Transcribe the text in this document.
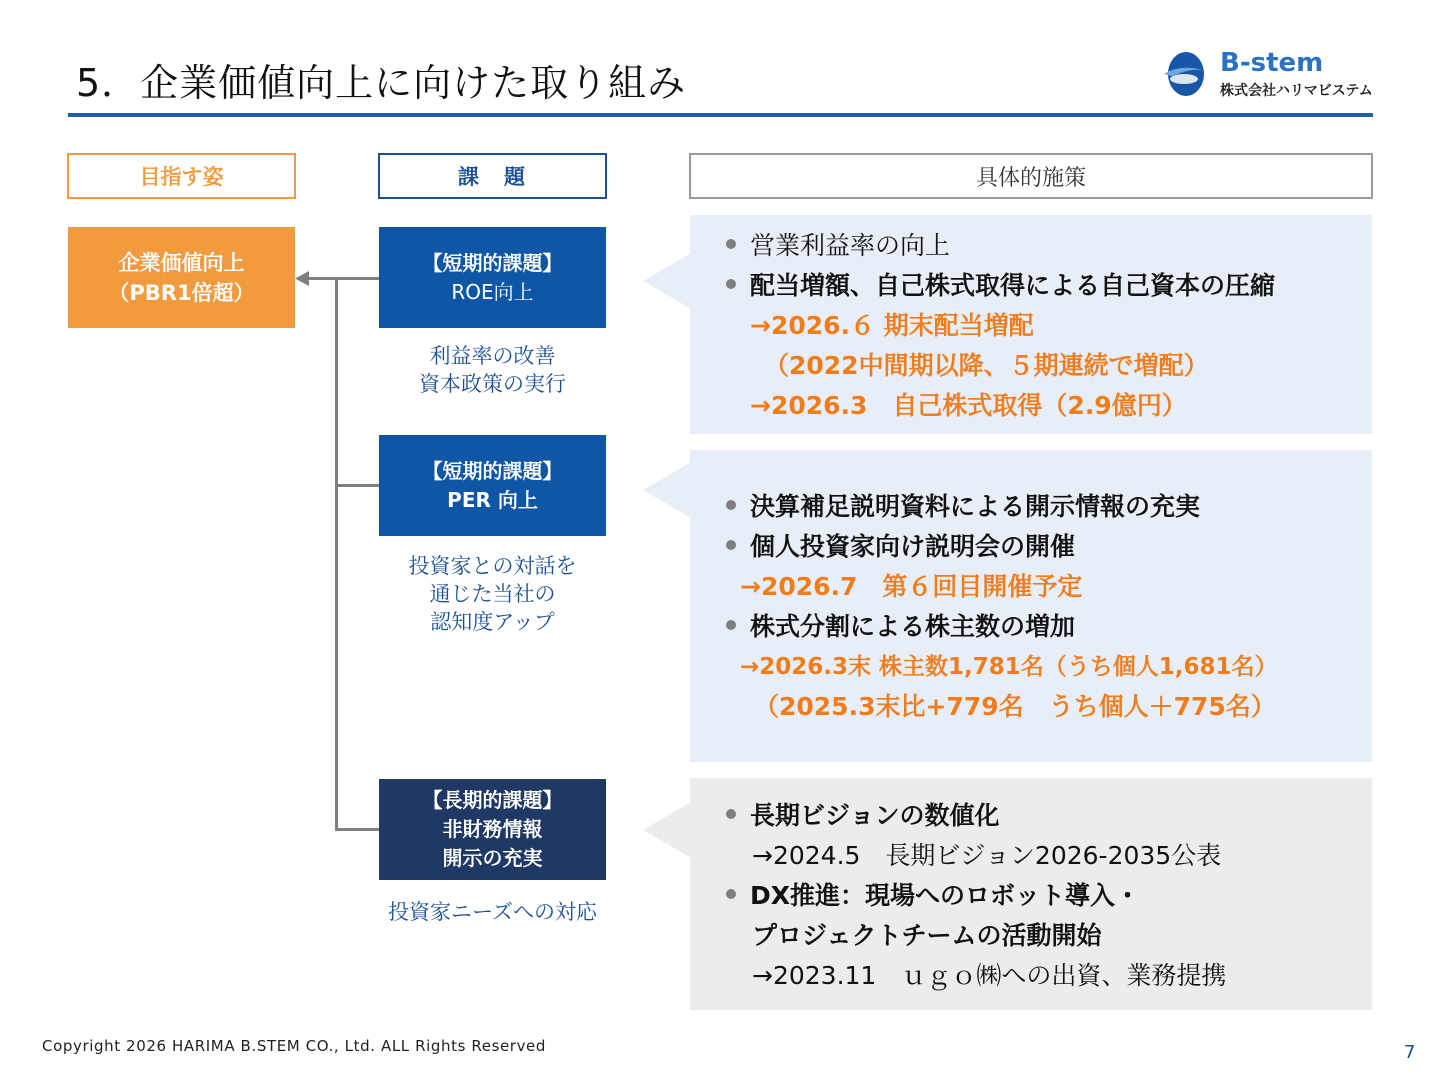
5．企業価値向上に向けた取り組み	B-stem
株式会社ハリマビステム
目指す姿	課　題	具体的施策
企業価値向上
（PBR1倍超）
【短期的課題】
ROE向上
利益率の改善
資本政策の実行
【短期的課題】
PER 向上
投資家との対話を
通じた当社の
認知度アップ
【長期的課題】
非財務情報
開示の充実
投資家ニーズへの対応
営業利益率の向上
配当増額、自己株式取得による自己資本の圧縮
→2026.６ 期末配当増配
（2022中間期以降、５期連続で増配）
→2026.3　自己株式取得（2.9億円）
決算補足説明資料による開示情報の充実
個人投資家向け説明会の開催
→2026.7　第６回目開催予定
株式分割による株主数の増加
→2026.3末 株主数1,781名（うち個人1,681名）
（2025.3末比+779名　うち個人＋775名）
長期ビジョンの数値化
→2024.5　長期ビジョン2026-2035公表
DX推進：現場へのロボット導入・
プロジェクトチームの活動開始
→2023.11　ｕｇｏ㈱への出資、業務提携
Copyright 2026 HARIMA B.STEM CO., Ltd. ALL Rights Reserved	7
